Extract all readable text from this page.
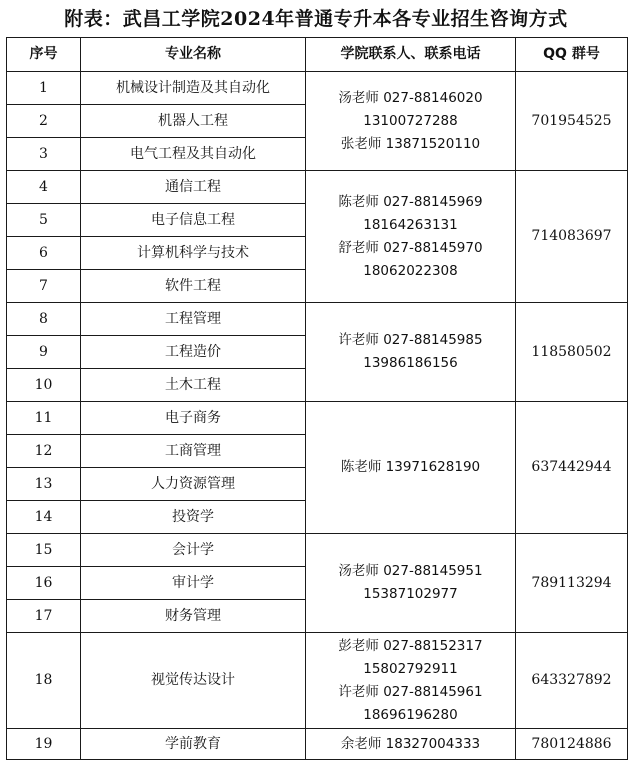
附表：武昌工学院2024年普通专升本各专业招生咨询方式
序号	专业名称	学院联系人、联系电话	QQ 群号
1	机械设计制造及其自动化	汤老师 027-88146020
13100727288
张老师 13871520110	701954525
2	机器人工程		
3	电气工程及其自动化		
4	通信工程	陈老师 027-88145969
18164263131
舒老师 027-88145970
18062022308	714083697
5	电子信息工程		
6	计算机科学与技术		
7	软件工程		
8	工程管理	许老师 027-88145985
13986186156	118580502
9	工程造价		
10	土木工程		
11	电子商务	陈老师 13971628190	637442944
12	工商管理		
13	人力资源管理		
14	投资学		
15	会计学	汤老师 027-88145951
15387102977	789113294
16	审计学		
17	财务管理		
18	视觉传达设计	彭老师 027-88152317
15802792911
许老师 027-88145961
18696196280	643327892
19	学前教育	余老师 18327004333	780124886
